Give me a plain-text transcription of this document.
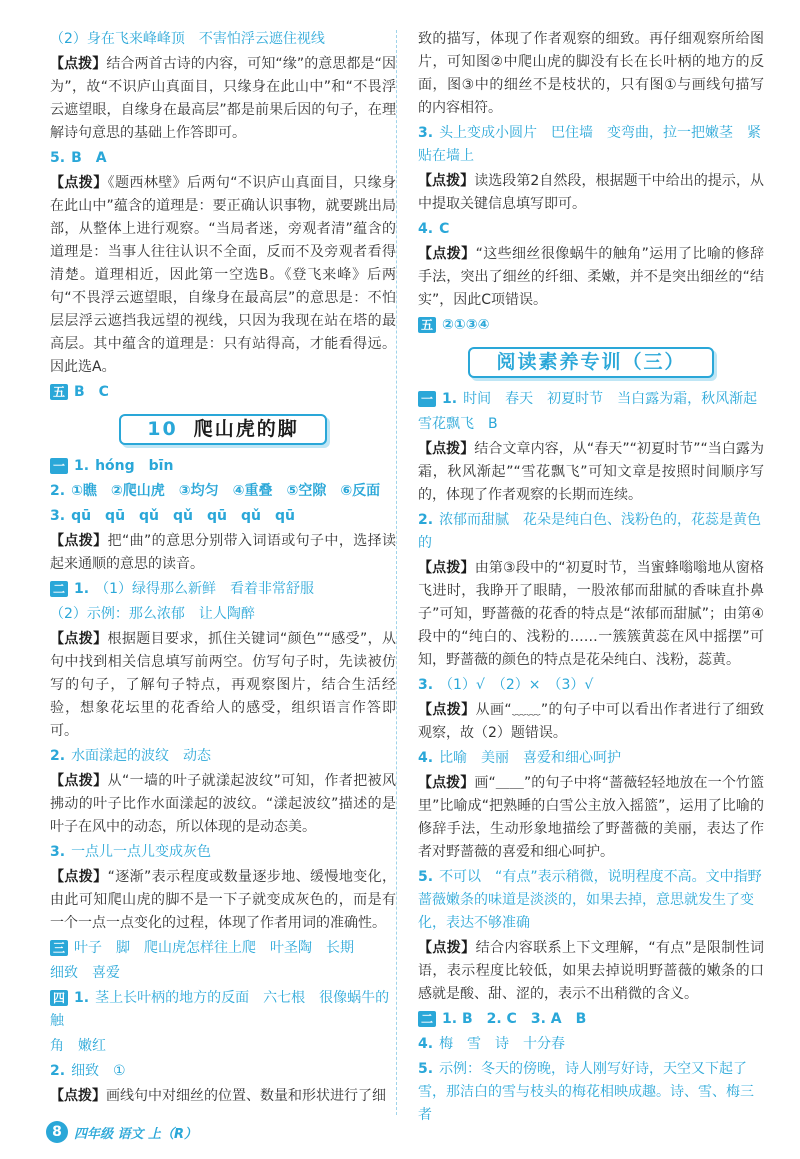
（2）身在飞来峰峰顶　不害怕浮云遮住视线
【点拨】结合两首古诗的内容，可知“缘”的意思都是“因为”，故“不识庐山真面目，只缘身在此山中”和“不畏浮云遮望眼，自缘身在最高层”都是前果后因的句子，在理解诗句意思的基础上作答即可。
5. B　A
【点拨】《题西林壁》后两句“不识庐山真面目，只缘身在此山中”蕴含的道理是：要正确认识事物，就要跳出局部，从整体上进行观察。“当局者迷，旁观者清”蕴含的道理是：当事人往往认识不全面，反而不及旁观者看得清楚。道理相近，因此第一空选B。《登飞来峰》后两句“不畏浮云遮望眼，自缘身在最高层”的意思是：不怕层层浮云遮挡我远望的视线，只因为我现在站在塔的最高层。其中蕴含的道理是：只有站得高，才能看得远。因此选A。
五 B　C
10 爬山虎的脚
一 1. hóng　bīn
2. ①瞧　②爬山虎　③均匀　④重叠　⑤空隙　⑥反面
3. qū　qū　qǔ　qǔ　qū　qǔ　qū
【点拨】把“曲”的意思分别带入词语或句子中，选择读起来通顺的意思的读音。
二 1. （1）绿得那么新鲜　看着非常舒服
（2）示例：那么浓郁　让人陶醉
【点拨】根据题目要求，抓住关键词“颜色”“感受”，从句中找到相关信息填写前两空。仿写句子时，先读被仿写的句子，了解句子特点，再观察图片，结合生活经验，想象花坛里的花香给人的感受，组织语言作答即可。
2. 水面漾起的波纹　动态
【点拨】从“一墙的叶子就漾起波纹”可知，作者把被风拂动的叶子比作水面漾起的波纹。“漾起波纹”描述的是叶子在风中的动态，所以体现的是动态美。
3. 一点儿一点儿变成灰色
【点拨】“逐渐”表示程度或数量逐步地、缓慢地变化，由此可知爬山虎的脚不是一下子就变成灰色的，而是有一个一点一点变化的过程，体现了作者用词的准确性。
三 叶子　脚　爬山虎怎样往上爬　叶圣陶　长期
细致　喜爱
四 1. 茎上长叶柄的地方的反面　六七根　很像蜗牛的触
角　嫩红
2. 细致　①
【点拨】画线句中对细丝的位置、数量和形状进行了细
致的描写，体现了作者观察的细致。再仔细观察所给图片，可知图②中爬山虎的脚没有长在长叶柄的地方的反面，图③中的细丝不是枝状的，只有图①与画线句描写的内容相符。
3. 头上变成小圆片　巴住墙　变弯曲，拉一把嫩茎　紧贴在墙上
【点拨】读选段第2自然段，根据题干中给出的提示，从中提取关键信息填写即可。
4. C
【点拨】“这些细丝很像蜗牛的触角”运用了比喻的修辞手法，突出了细丝的纤细、柔嫩，并不是突出细丝的“结实”，因此C项错误。
五 ②①③④
阅读素养专训（三）
一 1. 时间　春天　初夏时节　当白露为霜，秋风渐起
雪花飘飞　B
【点拨】结合文章内容，从“春天”“初夏时节”“当白露为霜，秋风渐起”“雪花飘飞”可知文章是按照时间顺序写的，体现了作者观察的长期而连续。
2. 浓郁而甜腻　花朵是纯白色、浅粉色的，花蕊是黄色的
【点拨】由第③段中的“初夏时节，当蜜蜂嗡嗡地从窗格飞进时，我睁开了眼睛，一股浓郁而甜腻的香味直扑鼻子”可知，野蔷薇的花香的特点是“浓郁而甜腻”；由第④段中的“纯白的、浅粉的……一簇簇黄蕊在风中摇摆”可知，野蔷薇的颜色的特点是花朵纯白、浅粉，蕊黄。
3. （1）√　（2）×　（3）√
【点拨】从画“﹏﹏”的句子中可以看出作者进行了细致观察，故（2）题错误。
4. 比喻　美丽　喜爱和细心呵护
【点拨】画“＿＿”的句子中将“蔷薇轻轻地放在一个竹篮里”比喻成“把熟睡的白雪公主放入摇篮”，运用了比喻的修辞手法，生动形象地描绘了野蔷薇的美丽，表达了作者对野蔷薇的喜爱和细心呵护。
5. 不可以　“有点”表示稍微，说明程度不高。文中指野蔷薇嫩条的味道是淡淡的，如果去掉，意思就发生了变化，表达不够准确
【点拨】结合内容联系上下文理解，“有点”是限制性词语，表示程度比较低，如果去掉说明野蔷薇的嫩条的口感就是酸、甜、涩的，表示不出稍微的含义。
二 1. B　2. C　3. A　B
4. 梅　雪　诗　十分春
5. 示例：冬天的傍晚，诗人刚写好诗，天空又下起了雪，那洁白的雪与枝头的梅花相映成趣。诗、雪、梅三者
8 四年级 语文 上（R）
